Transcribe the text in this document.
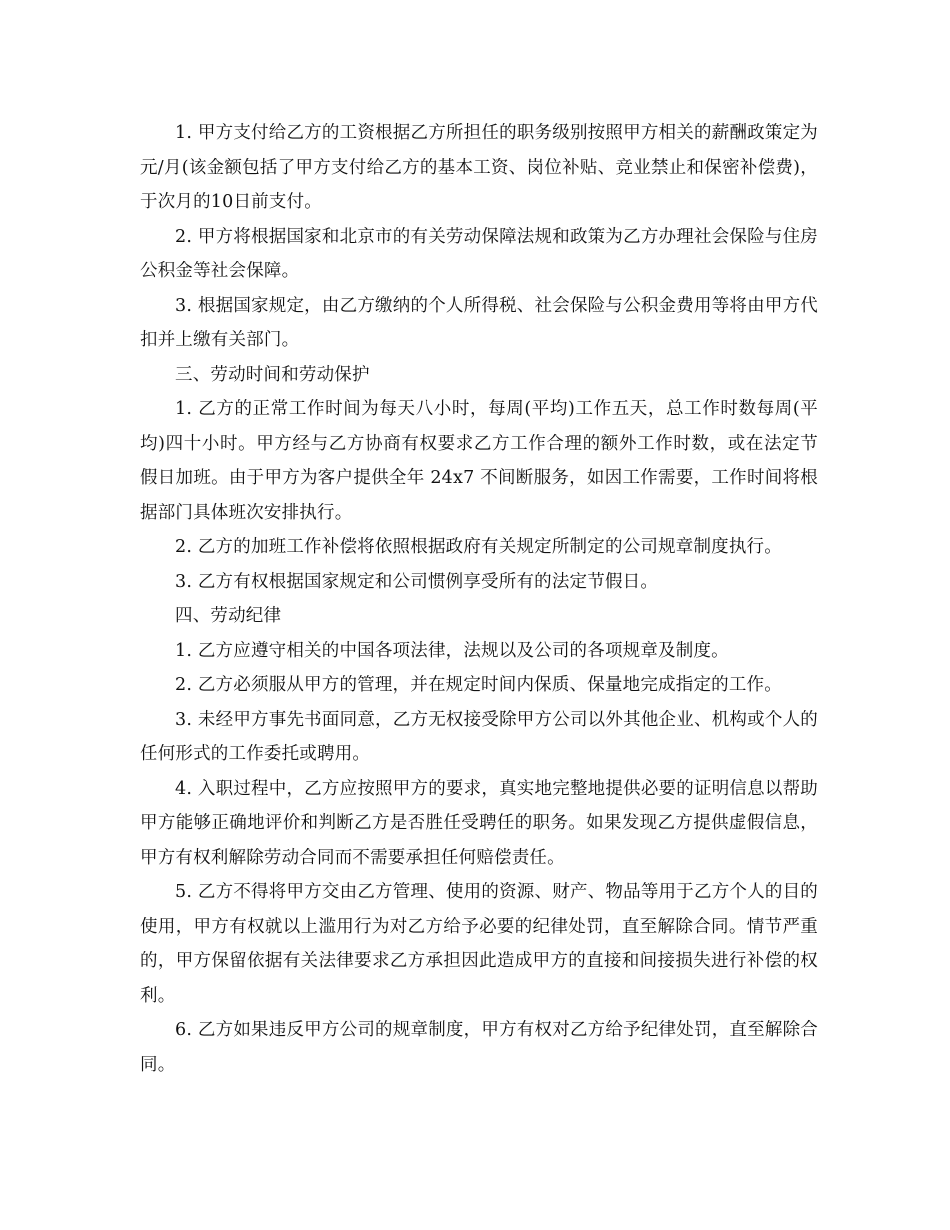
1. 甲方支付给乙方的工资根据乙方所担任的职务级别按照甲方相关的薪酬政策定为 元/月(该金额包括了甲方支付给乙方的基本工资、岗位补贴、竞业禁止和保密补偿费)，于次月的10日前支付。

2. 甲方将根据国家和北京市的有关劳动保障法规和政策为乙方办理社会保险与住房公积金等社会保障。

3. 根据国家规定，由乙方缴纳的个人所得税、社会保险与公积金费用等将由甲方代扣并上缴有关部门。

三、劳动时间和劳动保护

1. 乙方的正常工作时间为每天八小时，每周(平均)工作五天，总工作时数每周(平均)四十小时。甲方经与乙方协商有权要求乙方工作合理的额外工作时数，或在法定节假日加班。由于甲方为客户提供全年 24x7 不间断服务，如因工作需要，工作时间将根据部门具体班次安排执行。

2. 乙方的加班工作补偿将依照根据政府有关规定所制定的公司规章制度执行。

3. 乙方有权根据国家规定和公司惯例享受所有的法定节假日。

四、劳动纪律

1. 乙方应遵守相关的中国各项法律，法规以及公司的各项规章及制度。

2. 乙方必须服从甲方的管理，并在规定时间内保质、保量地完成指定的工作。

3. 未经甲方事先书面同意，乙方无权接受除甲方公司以外其他企业、机构或个人的任何形式的工作委托或聘用。

4. 入职过程中，乙方应按照甲方的要求，真实地完整地提供必要的证明信息以帮助甲方能够正确地评价和判断乙方是否胜任受聘任的职务。如果发现乙方提供虚假信息，甲方有权利解除劳动合同而不需要承担任何赔偿责任。

5. 乙方不得将甲方交由乙方管理、使用的资源、财产、物品等用于乙方个人的目的使用，甲方有权就以上滥用行为对乙方给予必要的纪律处罚，直至解除合同。情节严重的，甲方保留依据有关法律要求乙方承担因此造成甲方的直接和间接损失进行补偿的权利。

6. 乙方如果违反甲方公司的规章制度，甲方有权对乙方给予纪律处罚，直至解除合同。
